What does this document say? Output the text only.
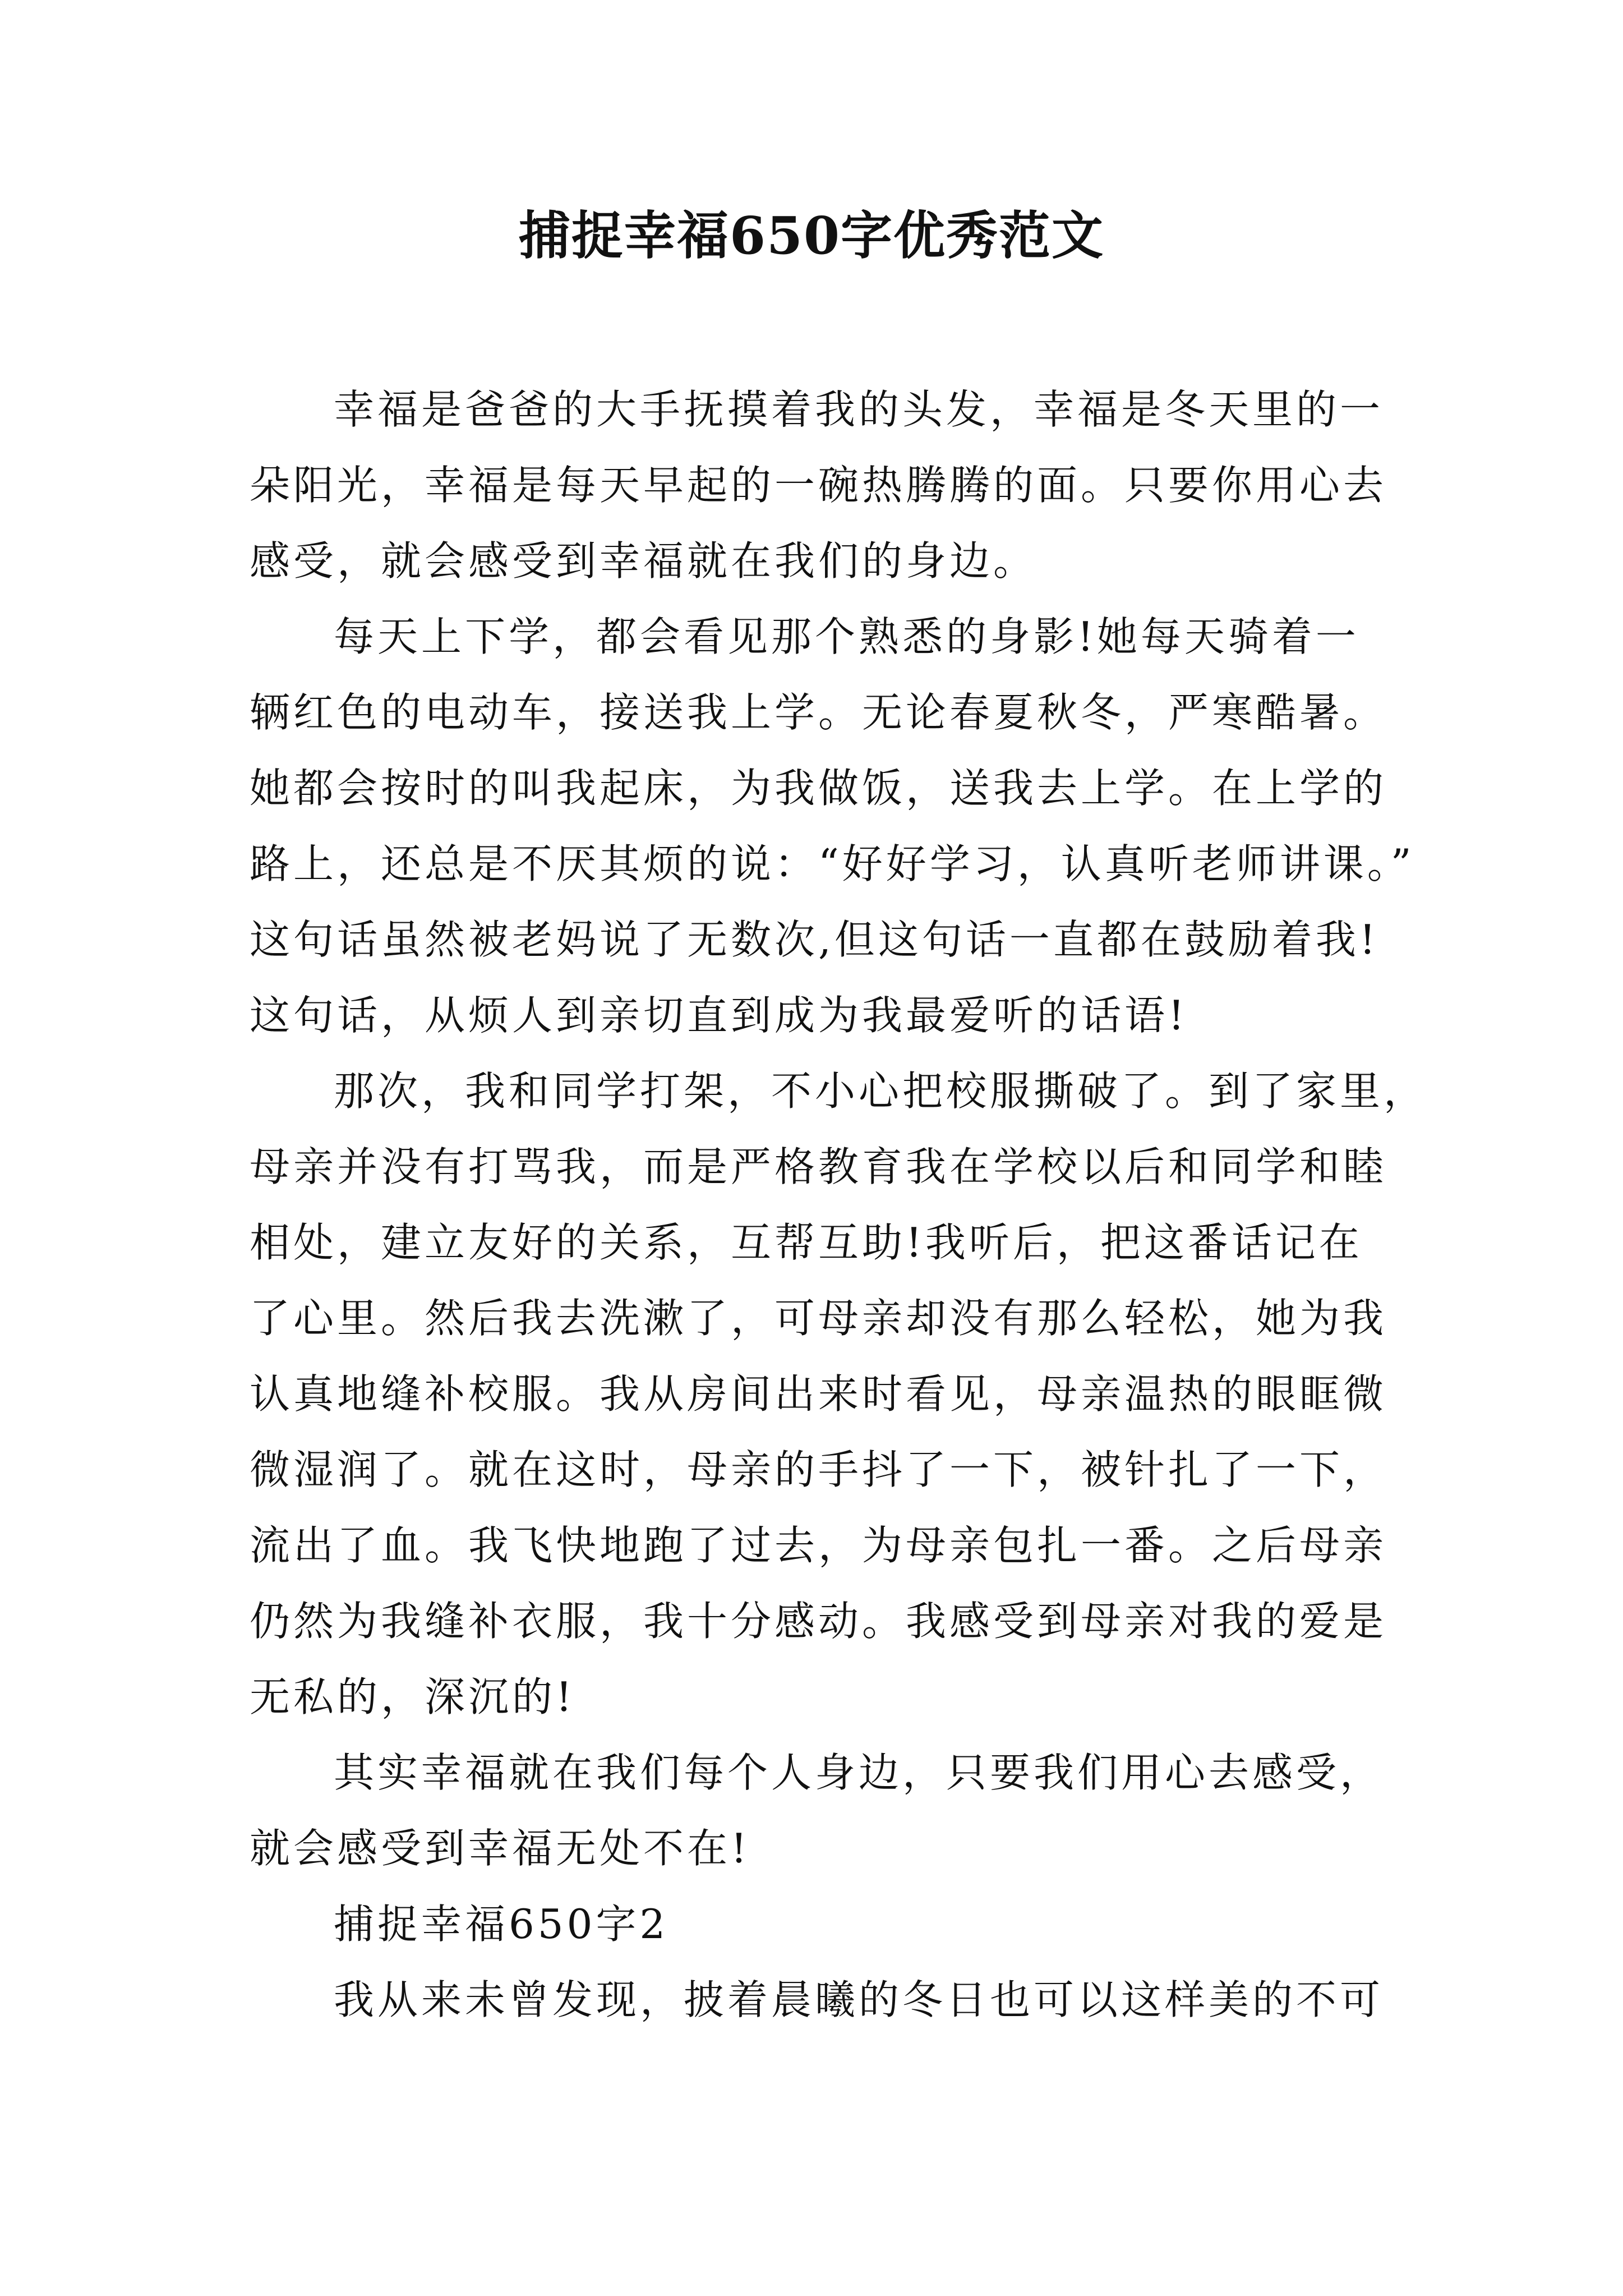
捕捉幸福650字优秀范文
幸福是爸爸的大手抚摸着我的头发，幸福是冬天里的一
朵阳光，幸福是每天早起的一碗热腾腾的面。只要你用心去
感受，就会感受到幸福就在我们的身边。
每天上下学，都会看见那个熟悉的身影!她每天骑着一
辆红色的电动车，接送我上学。无论春夏秋冬，严寒酷暑。
她都会按时的叫我起床，为我做饭，送我去上学。在上学的
路上，还总是不厌其烦的说：“好好学习，认真听老师讲课。”
这句话虽然被老妈说了无数次,但这句话一直都在鼓励着我!
这句话，从烦人到亲切直到成为我最爱听的话语!
那次，我和同学打架，不小心把校服撕破了。到了家里，
母亲并没有打骂我，而是严格教育我在学校以后和同学和睦
相处，建立友好的关系，互帮互助!我听后，把这番话记在
了心里。然后我去洗漱了，可母亲却没有那么轻松，她为我
认真地缝补校服。我从房间出来时看见，母亲温热的眼眶微
微湿润了。就在这时，母亲的手抖了一下，被针扎了一下，
流出了血。我飞快地跑了过去，为母亲包扎一番。之后母亲
仍然为我缝补衣服，我十分感动。我感受到母亲对我的爱是
无私的，深沉的!
其实幸福就在我们每个人身边，只要我们用心去感受，
就会感受到幸福无处不在!
捕捉幸福650字2
我从来未曾发现，披着晨曦的冬日也可以这样美的不可
